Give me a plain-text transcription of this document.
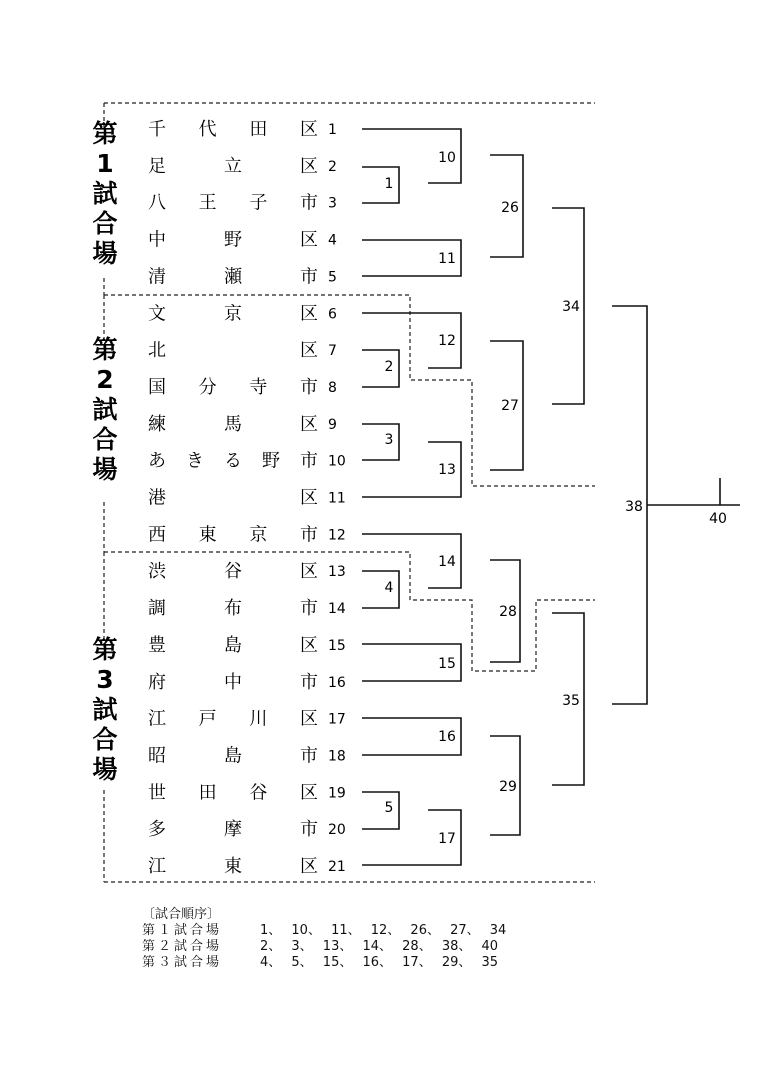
第
1
試
合
場
第
2
試
合
場
第
3
試
合
場
千 代 田 区 1
足	立	区 2
八 王 子 市 3
中	野	区 4
清	瀬	市 5
文	京	区 6
北	区 7
国 分 寺 市 8
練	馬	区 9
あ き る 野 市 10
港	区 11
西 東 京 市 12
渋	谷	区 13
調	布	市 14
豊	島	区 15
府	中	市 16
江 戸 川 区 17
昭	島	市 18
世 田 谷 区 19
多	摩	市 20
江	東	区 21
1
2
3
4
5
10
11
12
13
14
15
16
17
26
27
28
29
34
35
38
40
〔試合順序〕
第１試合場	1、 10、 11、 12、 26、 27、 34
第２試合場	2、 3、 13、 14、 28、 38、 40
第３試合場	4、 5、 15、 16、 17、 29、 35
